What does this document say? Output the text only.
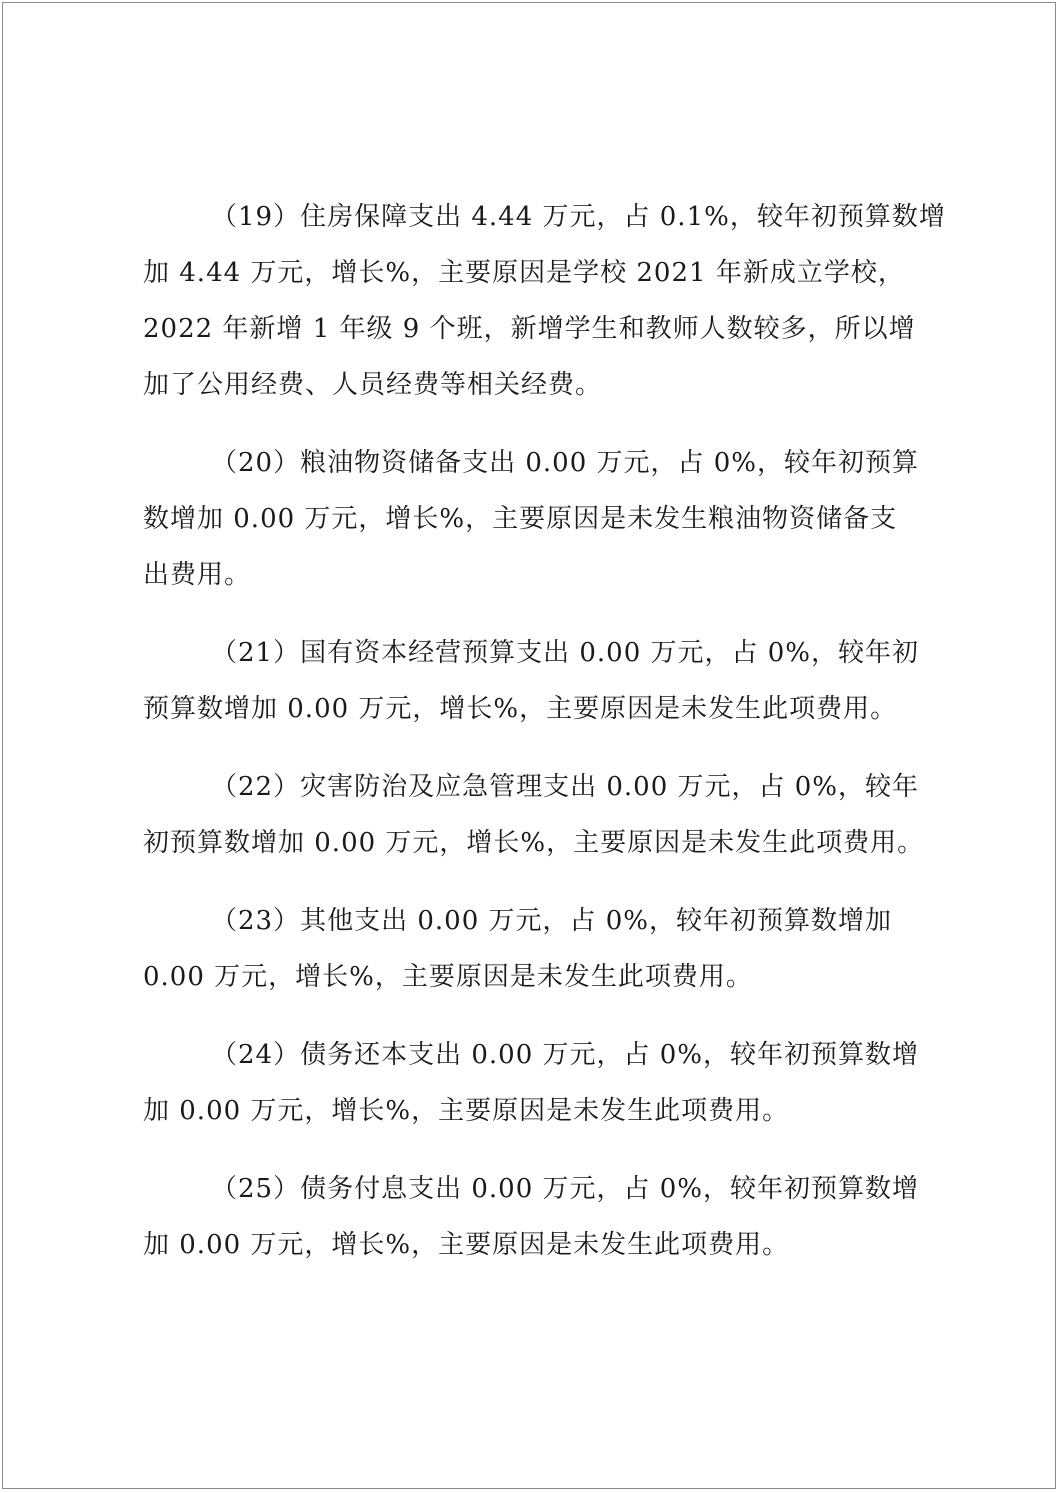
（19）住房保障支出 4.44 万元，占 0.1%，较年初预算数增
加 4.44 万元，增长%，主要原因是学校 2021 年新成立学校，
2022 年新增 1 年级 9 个班，新增学生和教师人数较多，所以增
加了公用经费、人员经费等相关经费。
（20）粮油物资储备支出 0.00 万元，占 0%，较年初预算
数增加 0.00 万元，增长%，主要原因是未发生粮油物资储备支
出费用。
（21）国有资本经营预算支出 0.00 万元，占 0%，较年初
预算数增加 0.00 万元，增长%，主要原因是未发生此项费用。
（22）灾害防治及应急管理支出 0.00 万元，占 0%，较年
初预算数增加 0.00 万元，增长%，主要原因是未发生此项费用。
（23）其他支出 0.00 万元，占 0%，较年初预算数增加
0.00 万元，增长%，主要原因是未发生此项费用。
（24）债务还本支出 0.00 万元，占 0%，较年初预算数增
加 0.00 万元，增长%，主要原因是未发生此项费用。
（25）债务付息支出 0.00 万元，占 0%，较年初预算数增
加 0.00 万元，增长%，主要原因是未发生此项费用。
